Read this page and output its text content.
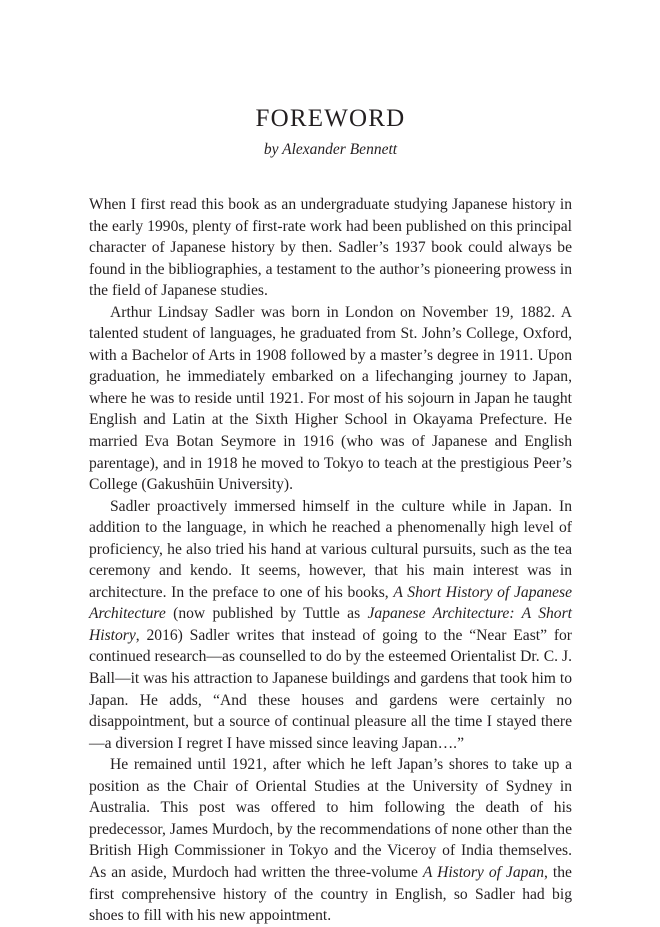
FOREWORD
by Alexander Bennett

When I first read this book as an undergraduate studying Japanese history in the early 1990s, plenty of first-rate work had been published on this principal character of Japanese history by then. Sadler’s 1937 book could always be found in the bibliographies, a testament to the author’s pioneering prowess in the field of Japanese studies.

Arthur Lindsay Sadler was born in London on November 19, 1882. A talented student of languages, he graduated from St. John’s College, Oxford, with a Bachelor of Arts in 1908 followed by a master’s degree in 1911. Upon graduation, he immediately embarked on a lifechanging journey to Japan, where he was to reside until 1921. For most of his sojourn in Japan he taught English and Latin at the Sixth Higher School in Okayama Prefecture. He married Eva Botan Seymore in 1916 (who was of Japanese and English parentage), and in 1918 he moved to Tokyo to teach at the prestigious Peer’s College (Gakushūin University).

Sadler proactively immersed himself in the culture while in Japan. In addition to the language, in which he reached a phenomenally high level of proficiency, he also tried his hand at various cultural pursuits, such as the tea ceremony and kendo. It seems, however, that his main interest was in architecture. In the preface to one of his books, A Short History of Japanese Architecture (now published by Tuttle as Japanese Architecture: A Short History, 2016) Sadler writes that instead of going to the “Near East” for continued research—as counselled to do by the esteemed Orientalist Dr. C. J. Ball—it was his attraction to Japanese buildings and gardens that took him to Japan. He adds, “And these houses and gardens were certainly no disappointment, but a source of continual pleasure all the time I stayed there—a diversion I regret I have missed since leaving Japan….”

He remained until 1921, after which he left Japan’s shores to take up a position as the Chair of Oriental Studies at the University of Sydney in Australia. This post was offered to him following the death of his predecessor, James Murdoch, by the recommendations of none other than the British High Commissioner in Tokyo and the Viceroy of India themselves. As an aside, Murdoch had written the three-volume A History of Japan, the first comprehensive history of the country in English, so Sadler had big shoes to fill with his new appointment.
